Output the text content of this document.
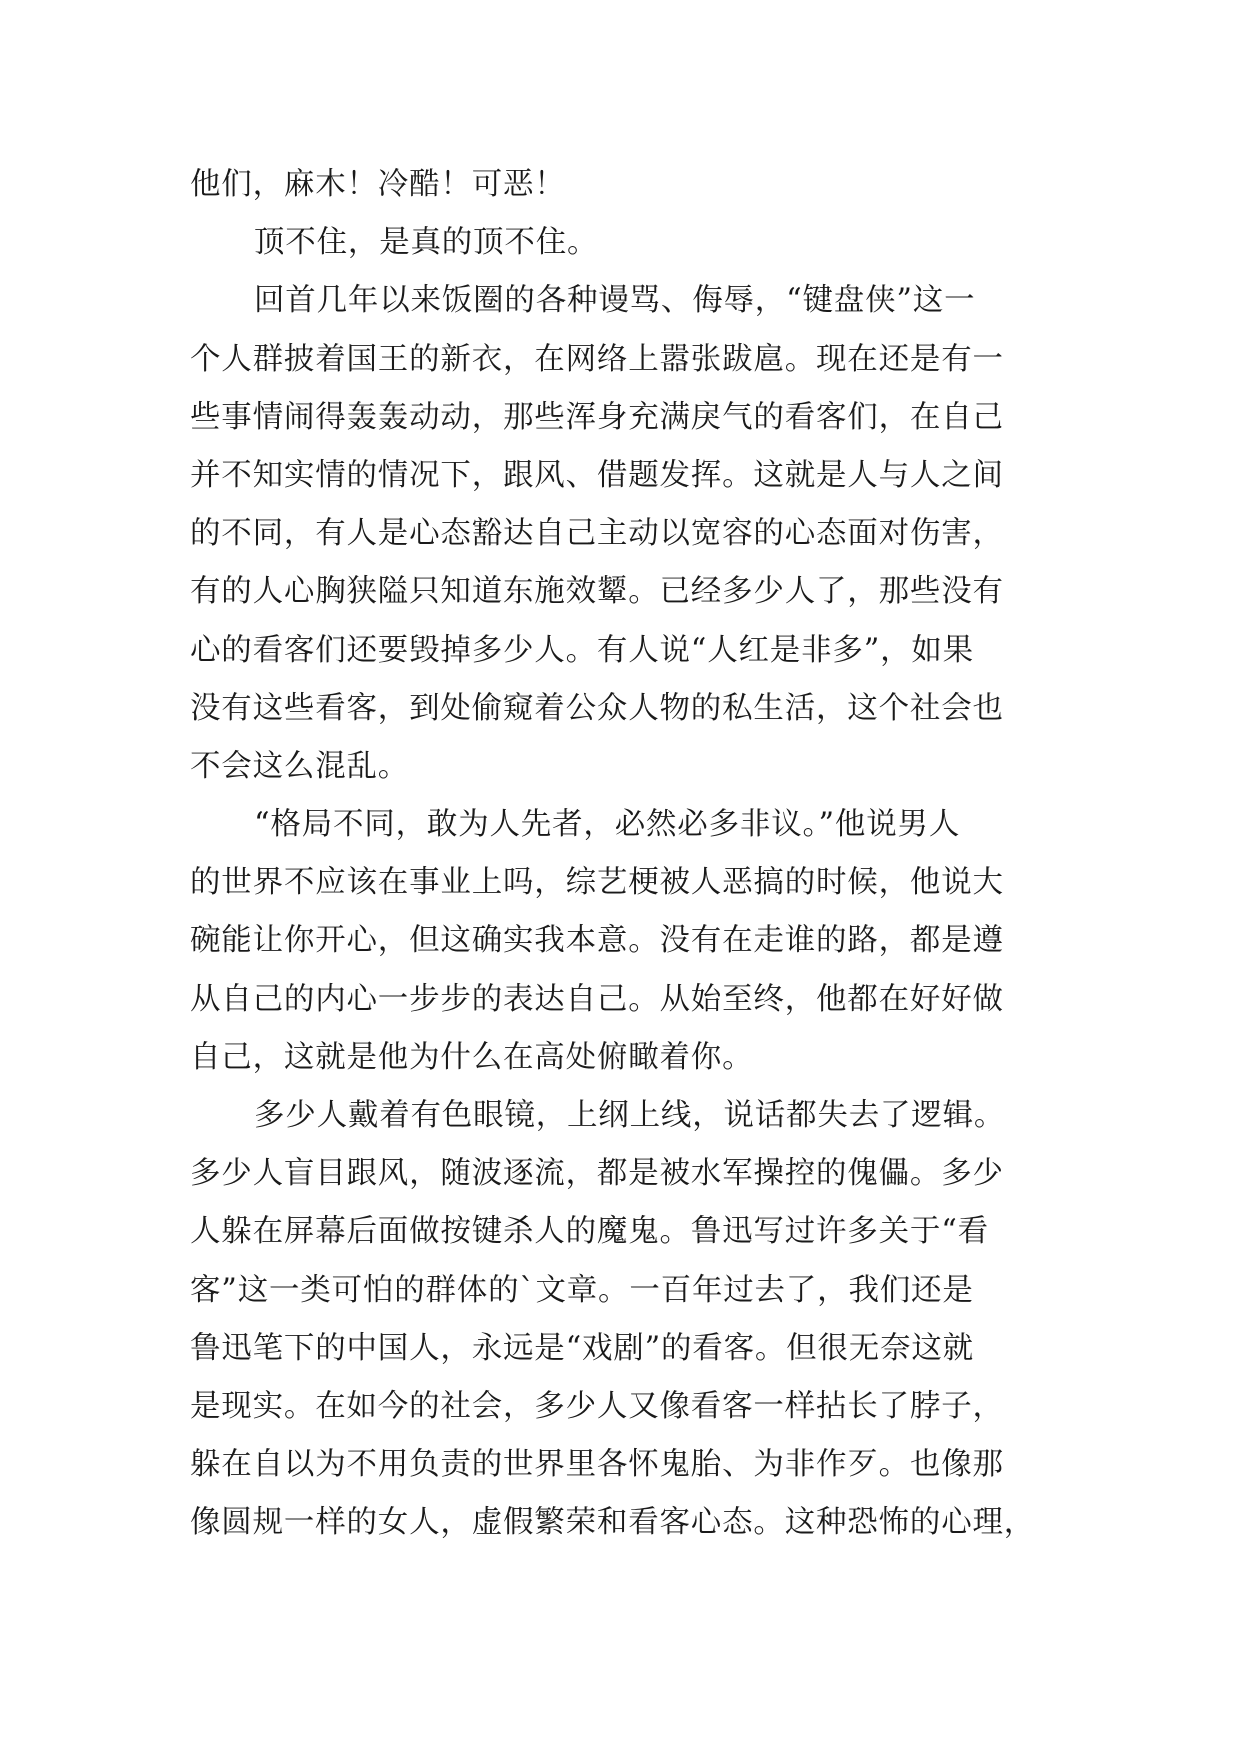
他们，麻木！冷酷！可恶！
顶不住，是真的顶不住。
回首几年以来饭圈的各种谩骂、侮辱，“键盘侠”这一
个人群披着国王的新衣，在网络上嚣张跋扈。现在还是有一
些事情闹得轰轰动动，那些浑身充满戾气的看客们，在自己
并不知实情的情况下，跟风、借题发挥。这就是人与人之间
的不同，有人是心态豁达自己主动以宽容的心态面对伤害，
有的人心胸狭隘只知道东施效颦。已经多少人了，那些没有
心的看客们还要毁掉多少人。有人说“人红是非多”，如果
没有这些看客，到处偷窥着公众人物的私生活，这个社会也
不会这么混乱。
“格局不同，敢为人先者，必然必多非议。”他说男人
的世界不应该在事业上吗，综艺梗被人恶搞的时候，他说大
碗能让你开心，但这确实我本意。没有在走谁的路，都是遵
从自己的内心一步步的表达自己。从始至终，他都在好好做
自己，这就是他为什么在高处俯瞰着你。
多少人戴着有色眼镜，上纲上线，说话都失去了逻辑。
多少人盲目跟风，随波逐流，都是被水军操控的傀儡。多少
人躲在屏幕后面做按键杀人的魔鬼。鲁迅写过许多关于“看
客”这一类可怕的群体的`文章。一百年过去了，我们还是
鲁迅笔下的中国人，永远是“戏剧”的看客。但很无奈这就
是现实。在如今的社会，多少人又像看客一样拈长了脖子，
躲在自以为不用负责的世界里各怀鬼胎、为非作歹。也像那
像圆规一样的女人，虚假繁荣和看客心态。这种恐怖的心理，
